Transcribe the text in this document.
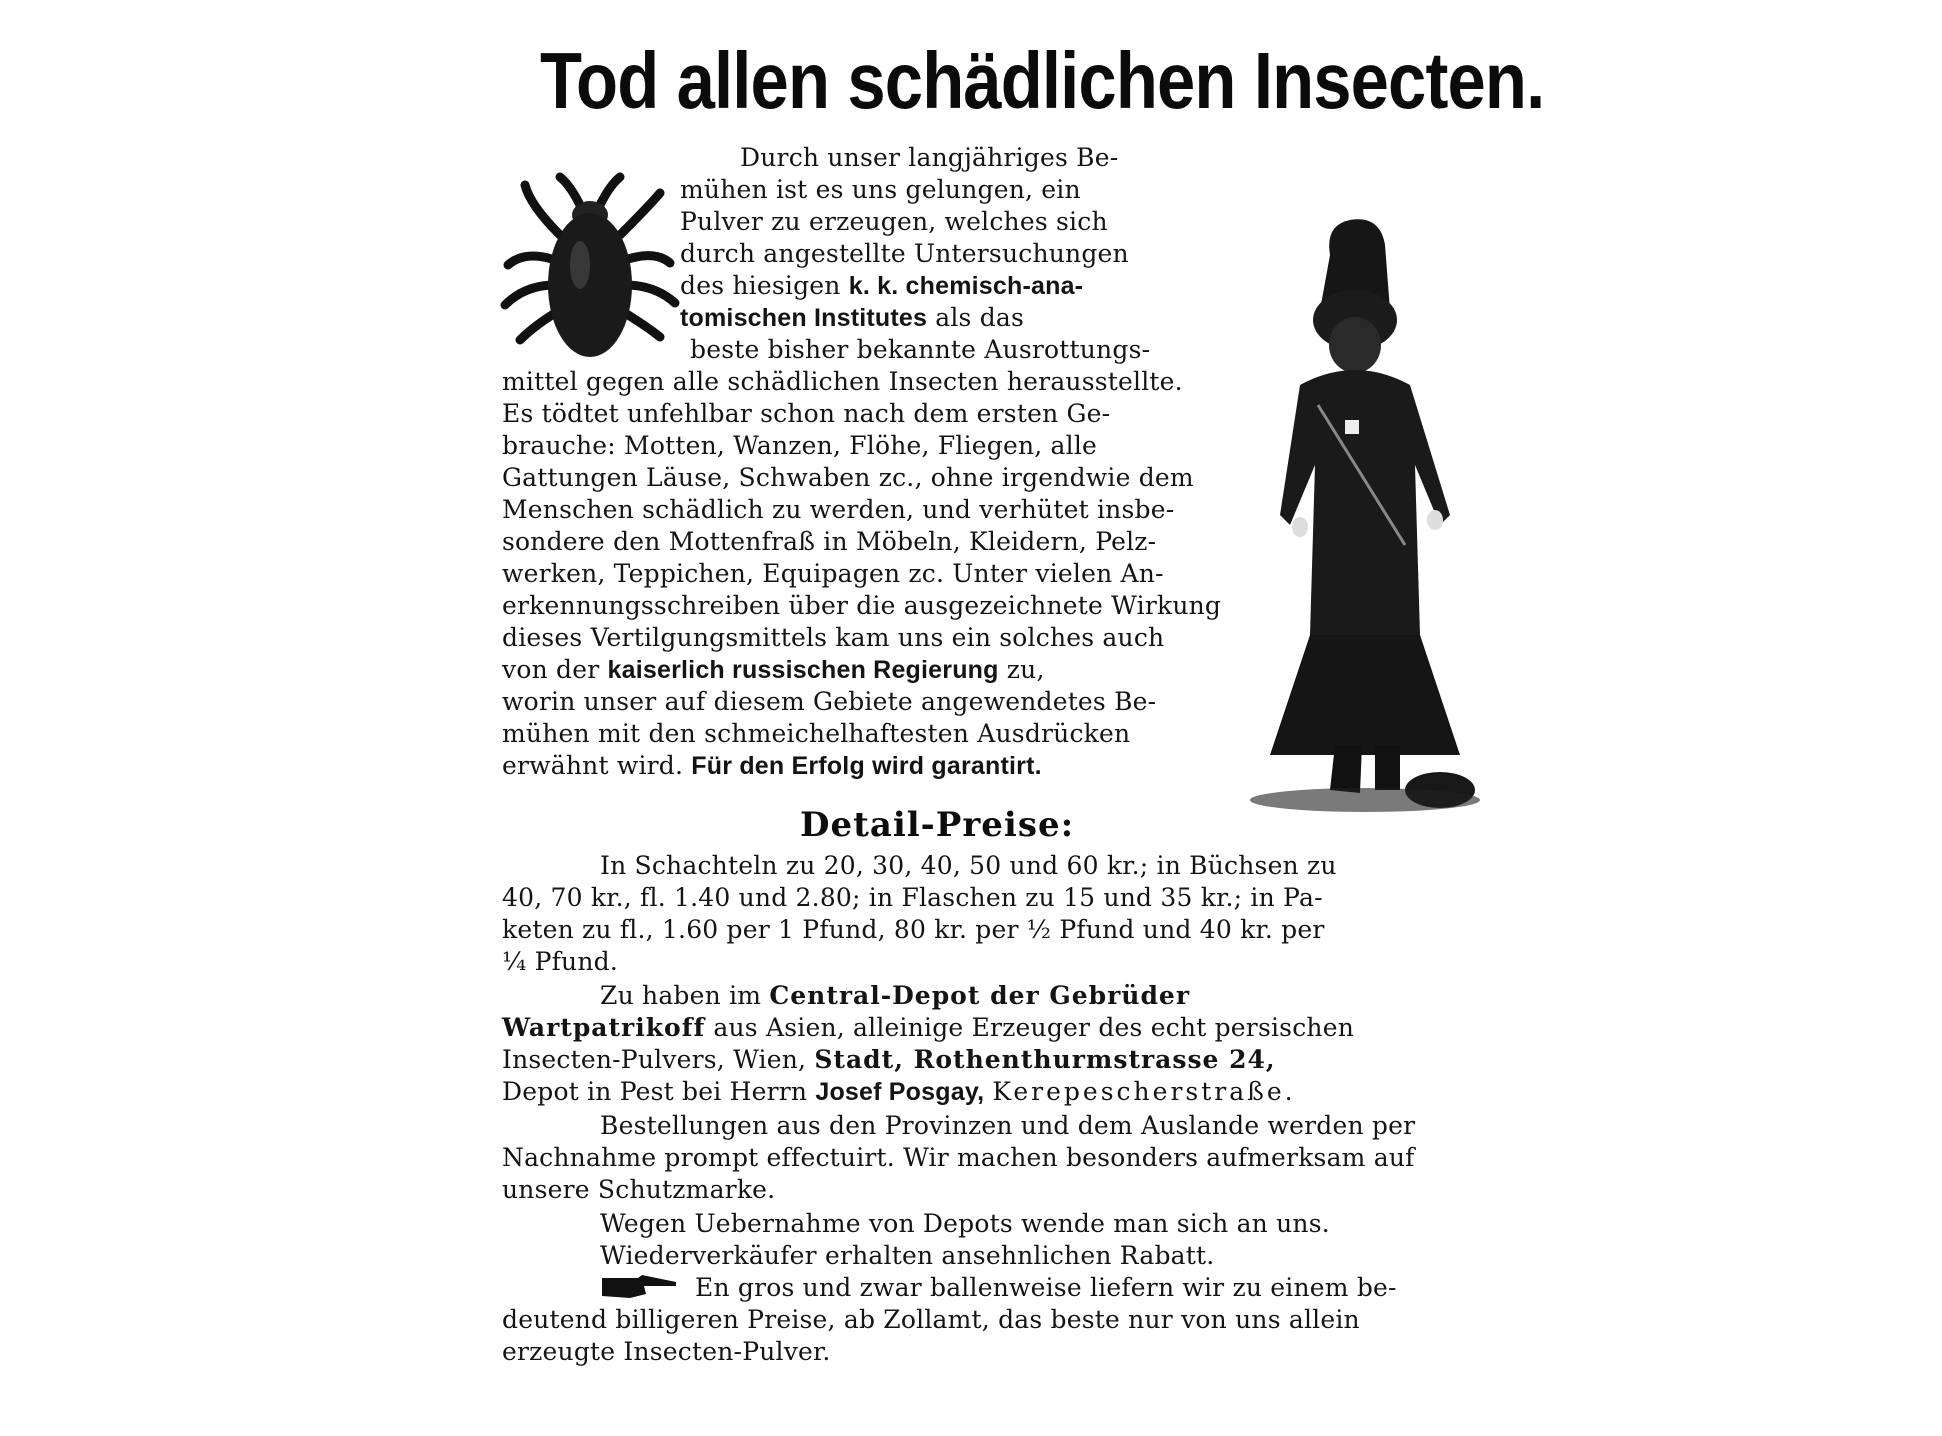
Tod allen schädlichen Insecten.
Durch unser langjähriges Be-
mühen ist es uns gelungen, ein
Pulver zu erzeugen, welches sich
durch angestellte Untersuchungen
des hiesigen k. k. chemisch-ana-
tomischen Institutes als das
beste bisher bekannte Ausrottungs-
mittel gegen alle schädlichen Insecten herausstellte.
Es tödtet unfehlbar schon nach dem ersten Ge-
brauche: Motten, Wanzen, Flöhe, Fliegen, alle
Gattungen Läuse, Schwaben zc., ohne irgendwie dem
Menschen schädlich zu werden, und verhütet insbe-
sondere den Mottenfraß in Möbeln, Kleidern, Pelz-
werken, Teppichen, Equipagen zc. Unter vielen An-
erkennungsschreiben über die ausgezeichnete Wirkung
dieses Vertilgungsmittels kam uns ein solches auch
von der kaiserlich russischen Regierung zu,
worin unser auf diesem Gebiete angewendetes Be-
mühen mit den schmeichelhaftesten Ausdrücken
erwähnt wird. Für den Erfolg wird garantirt.
Detail-Preise:
In Schachteln zu 20, 30, 40, 50 und 60 kr.; in Büchsen zu
40, 70 kr., fl. 1.40 und 2.80; in Flaschen zu 15 und 35 kr.; in Pa-
keten zu fl., 1.60 per 1 Pfund, 80 kr. per ½ Pfund und 40 kr. per
¼ Pfund.
Zu haben im Central-Depot der Gebrüder
Wartpatrikoff aus Asien, alleinige Erzeuger des echt persischen
Insecten-Pulvers, Wien, Stadt, Rothenthurmstrasse 24,
Depot in Pest bei Herrn Josef Posgay, Kerepescherstraße.
Bestellungen aus den Provinzen und dem Auslande werden per
Nachnahme prompt effectuirt. Wir machen besonders aufmerksam auf
unsere Schutzmarke.
Wegen Uebernahme von Depots wende man sich an uns.
Wiederverkäufer erhalten ansehnlichen Rabatt.
En gros und zwar ballenweise liefern wir zu einem be-
deutend billigeren Preise, ab Zollamt, das beste nur von uns allein
erzeugte Insecten-Pulver.
